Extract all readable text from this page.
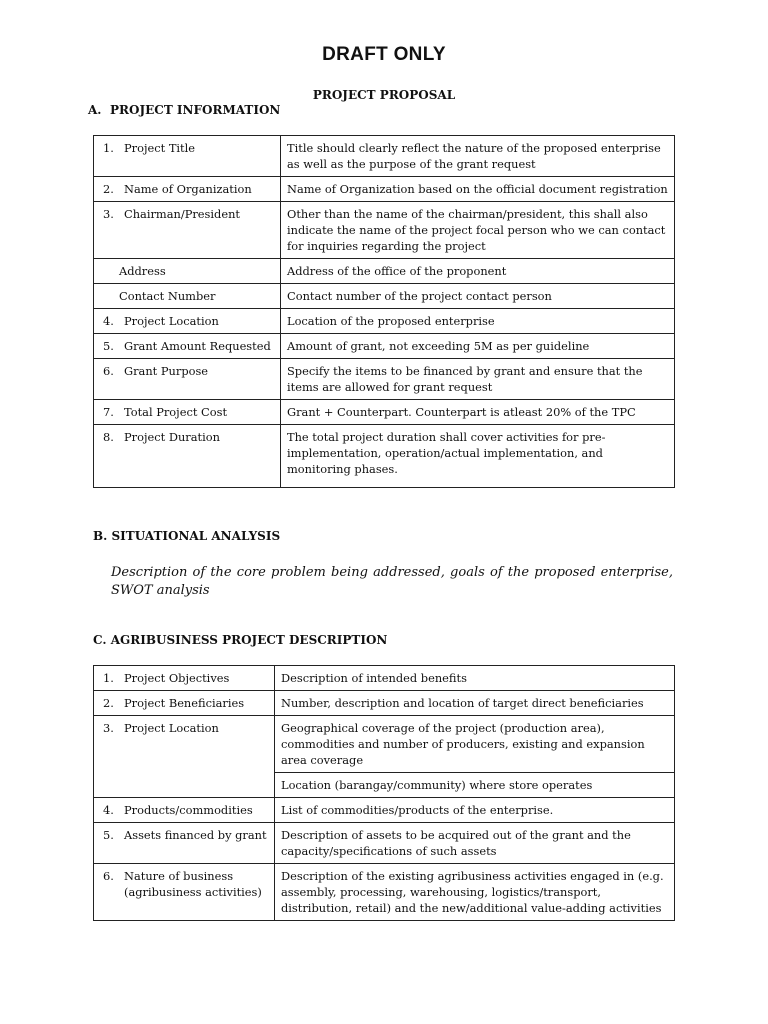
DRAFT ONLY
PROJECT PROPOSAL
A. PROJECT INFORMATION
1. Project Title	Title should clearly reflect the nature of the proposed enterprise as well as the purpose of the grant request

2. Name of Organization	Name of Organization based on the official document registration

3. Chairman/President	Other than the name of the chairman/president, this shall also indicate the name of the project focal person who we can contact for inquiries regarding the project

Address	Address of the office of the proponent

Contact Number	Contact number of the project contact person

4. Project Location	Location of the proposed enterprise

5. Grant Amount Requested	Amount of grant, not exceeding 5M as per guideline

6. Grant Purpose	Specify the items to be financed by grant and ensure that the items are allowed for grant request

7. Total Project Cost	Grant + Counterpart. Counterpart is atleast 20% of the TPC

8. Project Duration	The total project duration shall cover activities for pre-implementation, operation/actual implementation, and monitoring phases.
B. SITUATIONAL ANALYSIS
Description of the core problem being addressed, goals of the proposed enterprise, SWOT analysis
C. AGRIBUSINESS PROJECT DESCRIPTION
1. Project Objectives	Description of intended benefits

2. Project Beneficiaries	Number, description and location of target direct beneficiaries

3. Project Location	Geographical coverage of the project (production area), commodities and number of producers, existing and expansion area coverage
	Location (barangay/community) where store operates

4. Products/commodities	List of commodities/products of the enterprise.

5. Assets financed by grant	Description of assets to be acquired out of the grant and the capacity/specifications of such assets

6. Nature of business (agribusiness activities)	Description of the existing agribusiness activities engaged in (e.g. assembly, processing, warehousing, logistics/transport, distribution, retail) and the new/additional value-adding activities
